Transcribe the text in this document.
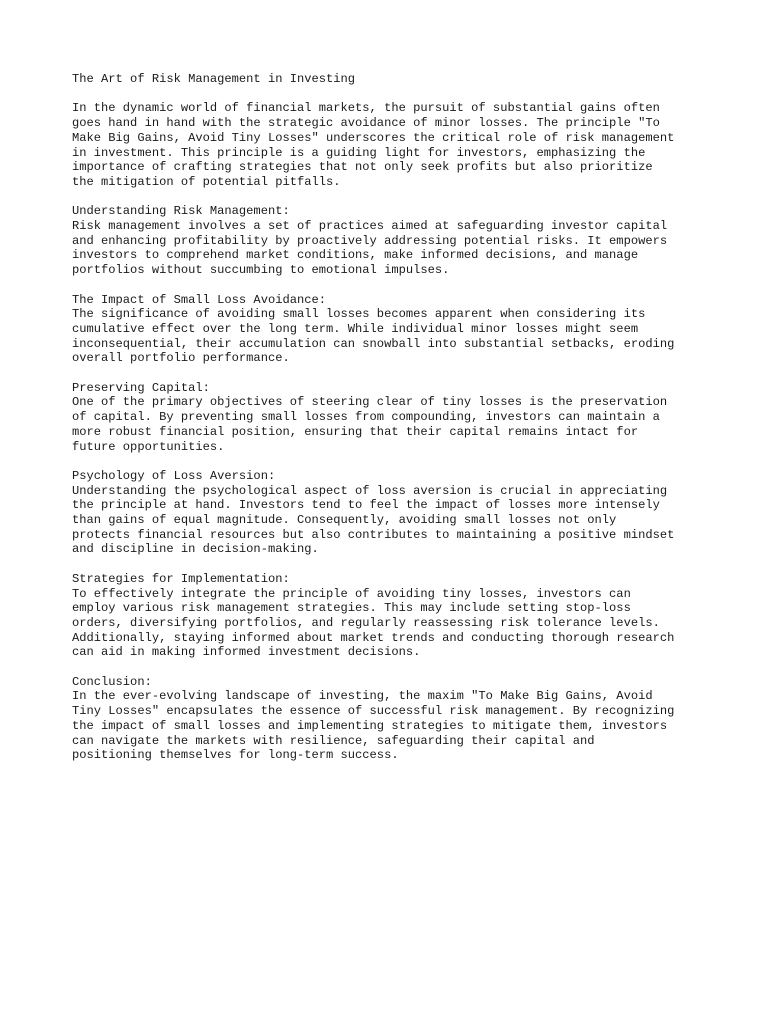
The Art of Risk Management in Investing
In the dynamic world of financial markets, the pursuit of substantial gains often
goes hand in hand with the strategic avoidance of minor losses. The principle "To
Make Big Gains, Avoid Tiny Losses" underscores the critical role of risk management
in investment. This principle is a guiding light for investors, emphasizing the
importance of crafting strategies that not only seek profits but also prioritize
the mitigation of potential pitfalls.
Understanding Risk Management:
Risk management involves a set of practices aimed at safeguarding investor capital
and enhancing profitability by proactively addressing potential risks. It empowers
investors to comprehend market conditions, make informed decisions, and manage
portfolios without succumbing to emotional impulses.
The Impact of Small Loss Avoidance:
The significance of avoiding small losses becomes apparent when considering its
cumulative effect over the long term. While individual minor losses might seem
inconsequential, their accumulation can snowball into substantial setbacks, eroding
overall portfolio performance.
Preserving Capital:
One of the primary objectives of steering clear of tiny losses is the preservation
of capital. By preventing small losses from compounding, investors can maintain a
more robust financial position, ensuring that their capital remains intact for
future opportunities.
Psychology of Loss Aversion:
Understanding the psychological aspect of loss aversion is crucial in appreciating
the principle at hand. Investors tend to feel the impact of losses more intensely
than gains of equal magnitude. Consequently, avoiding small losses not only
protects financial resources but also contributes to maintaining a positive mindset
and discipline in decision-making.
Strategies for Implementation:
To effectively integrate the principle of avoiding tiny losses, investors can
employ various risk management strategies. This may include setting stop-loss
orders, diversifying portfolios, and regularly reassessing risk tolerance levels.
Additionally, staying informed about market trends and conducting thorough research
can aid in making informed investment decisions.
Conclusion:
In the ever-evolving landscape of investing, the maxim "To Make Big Gains, Avoid
Tiny Losses" encapsulates the essence of successful risk management. By recognizing
the impact of small losses and implementing strategies to mitigate them, investors
can navigate the markets with resilience, safeguarding their capital and
positioning themselves for long-term success.
